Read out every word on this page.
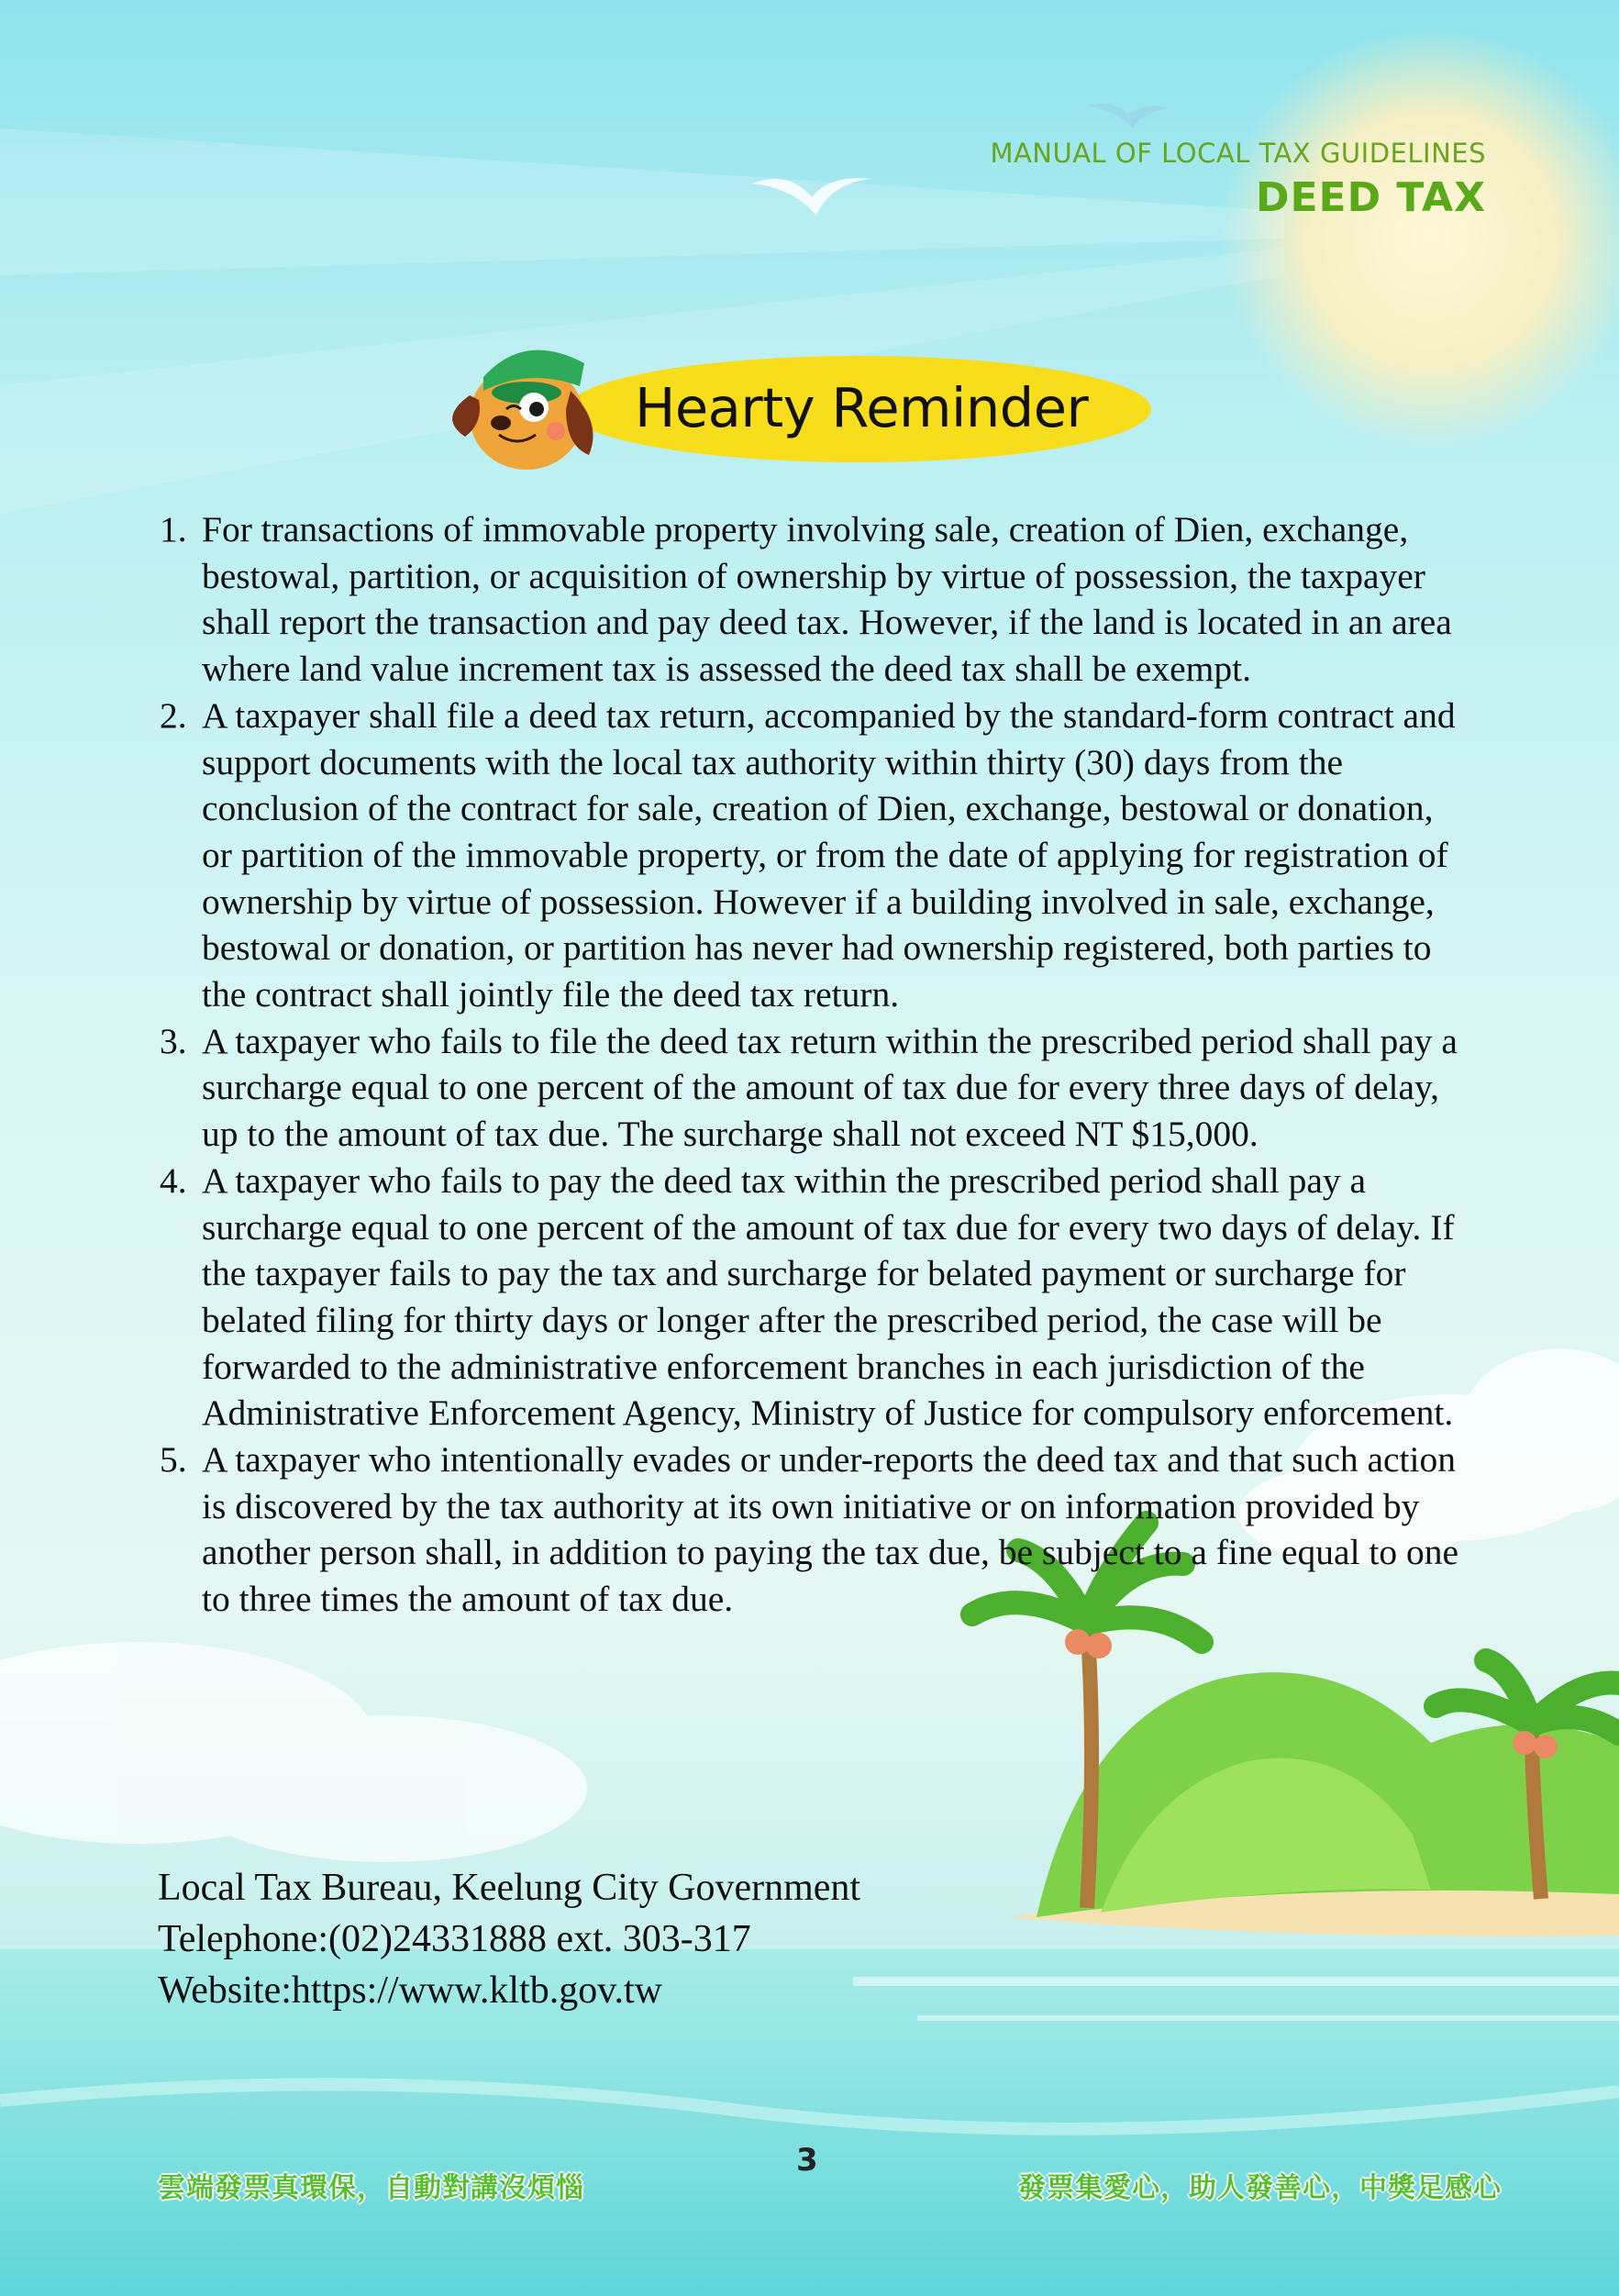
MANUAL OF LOCAL TAX GUIDELINES
DEED TAX
Hearty Reminder
1. For transactions of immovable property involving sale, creation of Dien, exchange, bestowal, partition, or acquisition of ownership by virtue of possession, the taxpayer shall report the transaction and pay deed tax. However, if the land is located in an area where land value increment tax is assessed the deed tax shall be exempt.
2. A taxpayer shall file a deed tax return, accompanied by the standard-form contract and support documents with the local tax authority within thirty (30) days from the conclusion of the contract for sale, creation of Dien, exchange, bestowal or donation, or partition of the immovable property, or from the date of applying for registration of ownership by virtue of possession. However if a building involved in sale, exchange, bestowal or donation, or partition has never had ownership registered, both parties to the contract shall jointly file the deed tax return.
3. A taxpayer who fails to file the deed tax return within the prescribed period shall pay a surcharge equal to one percent of the amount of tax due for every three days of delay, up to the amount of tax due. The surcharge shall not exceed NT $15,000.
4. A taxpayer who fails to pay the deed tax within the prescribed period shall pay a surcharge equal to one percent of the amount of tax due for every two days of delay. If the taxpayer fails to pay the tax and surcharge for belated payment or surcharge for belated filing for thirty days or longer after the prescribed period, the case will be forwarded to the administrative enforcement branches in each jurisdiction of the Administrative Enforcement Agency, Ministry of Justice for compulsory enforcement.
5. A taxpayer who intentionally evades or under-reports the deed tax and that such action is discovered by the tax authority at its own initiative or on information provided by another person shall, in addition to paying the tax due, be subject to a fine equal to one to three times the amount of tax due.
Local Tax Bureau, Keelung City Government
Telephone:(02)24331888 ext. 303-317
Website:https://www.kltb.gov.tw
3
雲端發票真環保，自動對講沒煩惱	發票集愛心，助人發善心，中獎足感心
